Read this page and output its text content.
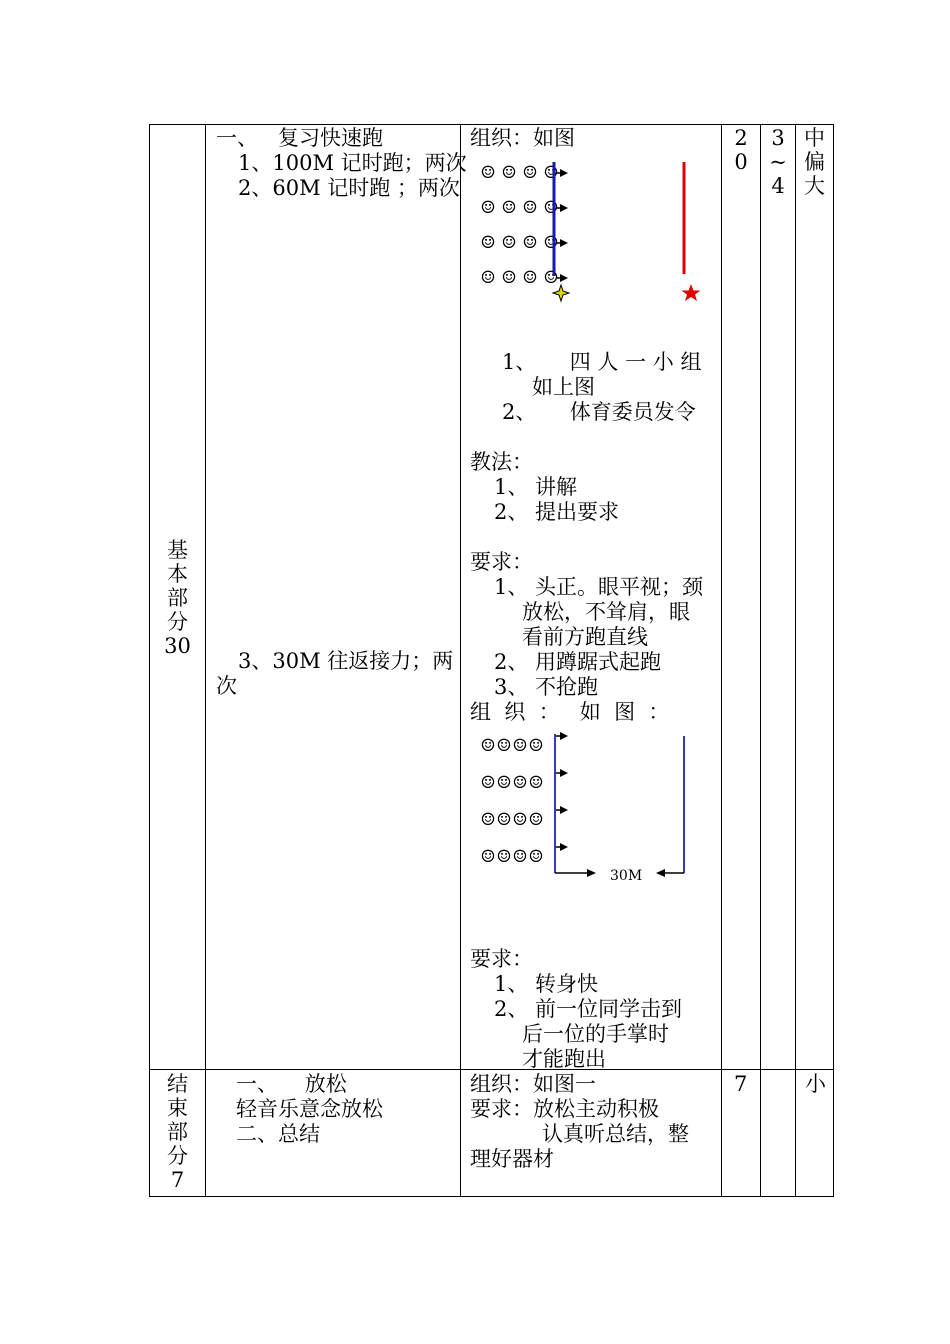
基
本
部
分
30
一、   复习快速跑
1、100M 记时跑；两次
2、60M 记时跑 ；两次
3、30M 往返接力；两
次
组织：如图
☺ ☺ ☺ ☺
☺ ☺ ☺ ☺
☺ ☺ ☺ ☺
☺ ☺ ☺ ☺
1、     四 人 一 小 组
如上图
2、     体育委员发令
教法：
1、 讲解
2、 提出要求
要求：
1、 头正。眼平视；颈
放松，不耸肩，眼
看前方跑直线
2、 用蹲踞式起跑
3、 不抢跑
组  织  ：   如  图  ：
☺ ☺ ☺ ☺
☺ ☺ ☺ ☺
☺ ☺ ☺ ☺
☺ ☺ ☺ ☺
30M
要求：
1、 转身快
2、 前一位同学击到
后一位的手掌时
才能跑出
2
0
3
~
4
中
偏
大
结
束
部
分
7
一、    放松
轻音乐意念放松
二、总结
组织：如图一
要求：放松主动积极
认真听总结，整
理好器材
7	小
